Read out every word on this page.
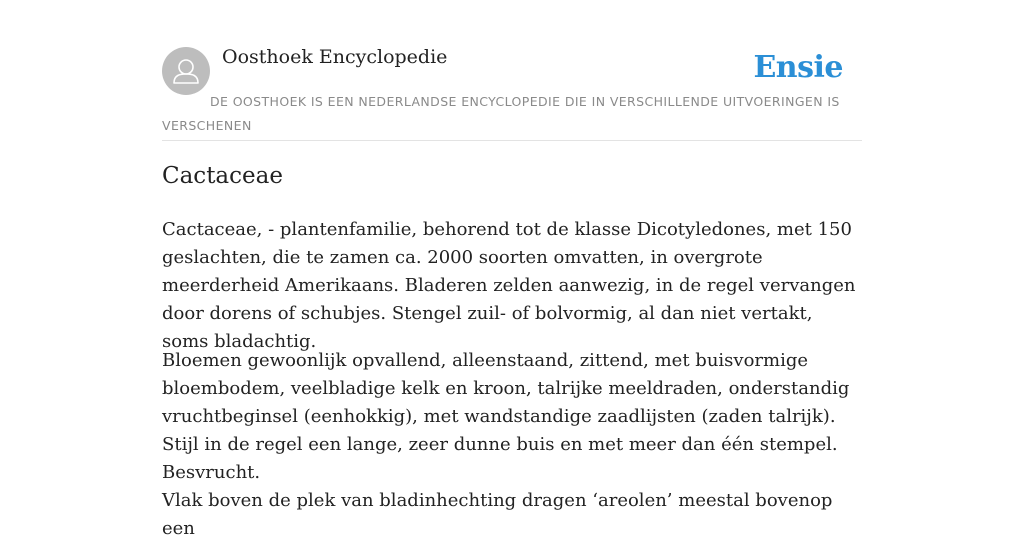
Oosthoek Encyclopedie	Ensie
DE OOSTHOEK IS EEN NEDERLANDSE ENCYCLOPEDIE DIE IN VERSCHILLENDE UITVOERINGEN IS VERSCHENEN
Cactaceae

Cactaceae, - plantenfamilie, behorend tot de klasse Dicotyledones, met 150 geslachten, die te zamen ca. 2000 soorten omvatten, in overgrote meerderheid Amerikaans. Bladeren zelden aanwezig, in de regel vervangen door dorens of schubjes. Stengel zuil- of bolvormig, al dan niet vertakt, soms bladachtig.

Bloemen gewoonlijk opvallend, alleenstaand, zittend, met buisvormige bloembodem, veelbladige kelk en kroon, talrijke meeldraden, onderstandig vruchtbeginsel (eenhokkig), met wandstandige zaadlijsten (zaden talrijk). Stijl in de regel een lange, zeer dunne buis en met meer dan één stempel. Besvrucht.

Vlak boven de plek van bladinhechting dragen ‘areolen’ meestal bovenop een
